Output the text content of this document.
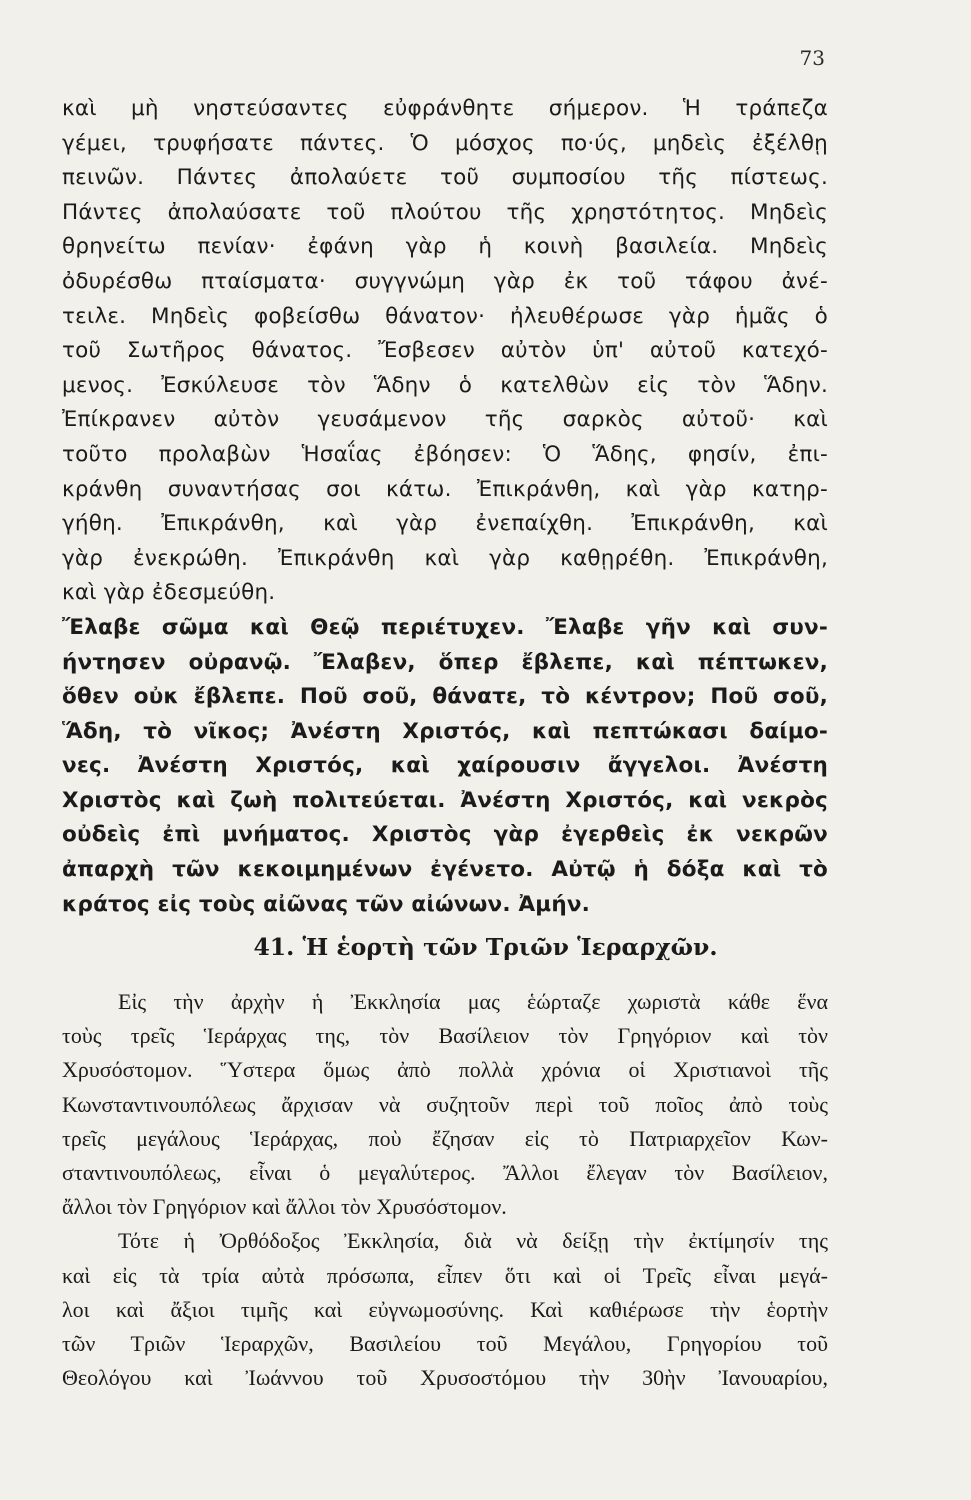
73
καὶ μὴ νηστεύσαντες εὐφράνθητε σήμερον. Ἡ τράπεζα
γέμει, τρυφήσατε πάντες. Ὁ μόσχος πο·ύς, μηδεὶς ἐξέλθῃ
πεινῶν. Πάντες ἀπολαύετε τοῦ συμποσίου τῆς πίστεως.
Πάντες ἀπολαύσατε τοῦ πλούτου τῆς χρηστότητος. Μηδεὶς
θρηνείτω πενίαν· ἐφάνη γὰρ ἡ κοινὴ βασιλεία. Μηδεὶς
ὀδυρέσθω πταίσματα· συγγνώμη γὰρ ἐκ τοῦ τάφου ἀνέ-
τειλε. Μηδεὶς φοβείσθω θάνατον· ἠλευθέρωσε γὰρ ἡμᾶς ὁ
τοῦ Σωτῆρος θάνατος. Ἔσβεσεν αὐτὸν ὑπ' αὐτοῦ κατεχό-
μενος. Ἐσκύλευσε τὸν Ἅδην ὁ κατελθὼν εἰς τὸν Ἅδην.
Ἐπίκρανεν αὐτὸν γευσάμενον τῆς σαρκὸς αὐτοῦ· καὶ
τοῦτο προλαβὼν Ἡσαΐας ἐβόησεν: Ὁ Ἅδης, φησίν, ἐπι-
κράνθη συναντήσας σοι κάτω. Ἐπικράνθη, καὶ γὰρ κατηρ-
γήθη. Ἐπικράνθη, καὶ γὰρ ἐνεπαίχθη. Ἐπικράνθη, καὶ
γὰρ ἐνεκρώθη. Ἐπικράνθη καὶ γὰρ καθῃρέθη. Ἐπικράνθη,
καὶ γὰρ ἐδεσμεύθη.
Ἔλαβε σῶμα καὶ Θεῷ περιέτυχεν. Ἔλαβε γῆν καὶ συν-
ήντησεν οὐρανῷ. Ἔλαβεν, ὅπερ ἔβλεπε, καὶ πέπτωκεν,
ὅθεν οὐκ ἔβλεπε. Ποῦ σοῦ, θάνατε, τὸ κέντρον; Ποῦ σοῦ,
Ἅδη, τὸ νῖκος; Ἀνέστη Χριστός, καὶ πεπτώκασι δαίμο-
νες. Ἀνέστη Χριστός, καὶ χαίρουσιν ἄγγελοι. Ἀνέστη
Χριστὸς καὶ ζωὴ πολιτεύεται. Ἀνέστη Χριστός, καὶ νεκρὸς
οὐδεὶς ἐπὶ μνήματος. Χριστὸς γὰρ ἐγερθεὶς ἐκ νεκρῶν
ἀπαρχὴ τῶν κεκοιμημένων ἐγένετο. Αὐτῷ ἡ δόξα καὶ τὸ
κράτος εἰς τοὺς αἰῶνας τῶν αἰώνων. Ἀμήν.
41. Ἡ ἑορτὴ τῶν Τριῶν Ἱεραρχῶν.
Εἰς τὴν ἀρχὴν ἡ Ἐκκλησία μας ἑώρταζε χωριστὰ κάθε ἕνα
τοὺς τρεῖς Ἱεράρχας της, τὸν Βασίλειον τὸν Γρηγόριον καὶ τὸν
Χρυσόστομον. Ὕστερα ὅμως ἀπὸ πολλὰ χρόνια οἱ Χριστιανοὶ τῆς
Κωνσταντινουπόλεως ἄρχισαν νὰ συζητοῦν περὶ τοῦ ποῖος ἀπὸ τοὺς
τρεῖς μεγάλους Ἱεράρχας, ποὺ ἔζησαν εἰς τὸ Πατριαρχεῖον Κων-
σταντινουπόλεως, εἶναι ὁ μεγαλύτερος. Ἄλλοι ἔλεγαν τὸν Βασίλειον,
ἄλλοι τὸν Γρηγόριον καὶ ἄλλοι τὸν Χρυσόστομον.
Τότε ἡ Ὀρθόδοξος Ἐκκλησία, διὰ νὰ δείξῃ τὴν ἐκτίμησίν της
καὶ εἰς τὰ τρία αὐτὰ πρόσωπα, εἶπεν ὅτι καὶ οἱ Τρεῖς εἶναι μεγά-
λοι καὶ ἄξιοι τιμῆς καὶ εὐγνωμοσύνης. Καὶ καθιέρωσε τὴν ἑορτὴν
τῶν Τριῶν Ἱεραρχῶν, Βασιλείου τοῦ Μεγάλου, Γρηγορίου τοῦ
Θεολόγου καὶ Ἰωάννου τοῦ Χρυσοστόμου τὴν 30ὴν Ἰανουαρίου,
